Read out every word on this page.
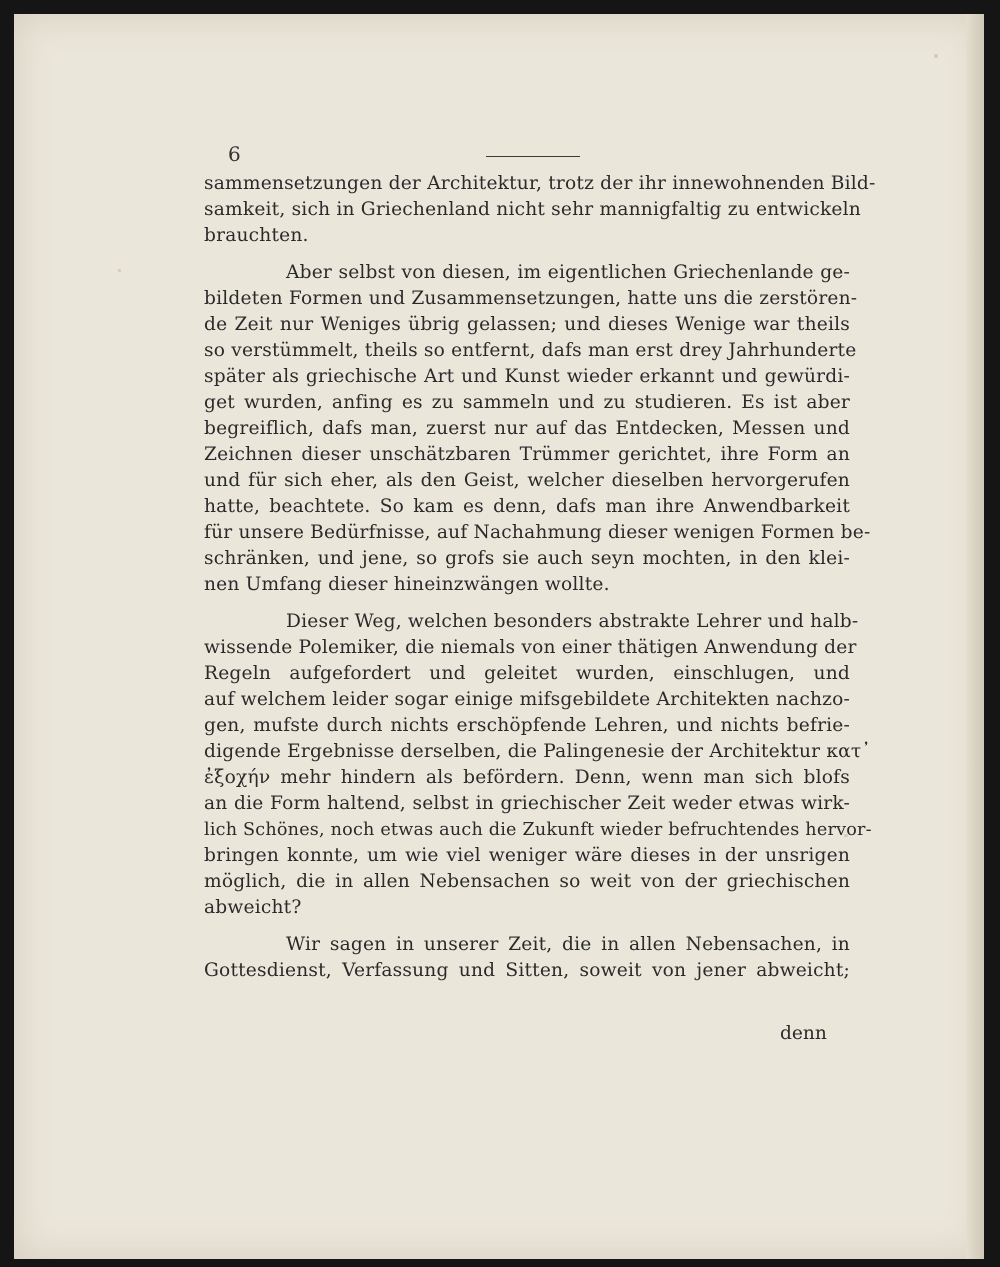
6
sammensetzungen der Architektur, trotz der ihr innewohnenden Bild-
samkeit, sich in Griechenland nicht sehr mannigfaltig zu entwickeln
brauchten.
Aber selbst von diesen, im eigentlichen Griechenlande ge-
bildeten Formen und Zusammensetzungen, hatte uns die zerstören-
de Zeit nur Weniges übrig gelassen; und dieses Wenige war theils
so verstümmelt, theils so entfernt, dafs man erst drey Jahrhunderte
später als griechische Art und Kunst wieder erkannt und gewürdi-
get wurden, anfing es zu sammeln und zu studieren. Es ist aber
begreiflich, dafs man, zuerst nur auf das Entdecken, Messen und
Zeichnen dieser unschätzbaren Trümmer gerichtet, ihre Form an
und für sich eher, als den Geist, welcher dieselben hervorgerufen
hatte, beachtete. So kam es denn, dafs man ihre Anwendbarkeit
für unsere Bedürfnisse, auf Nachahmung dieser wenigen Formen be-
schränken, und jene, so grofs sie auch seyn mochten, in den klei-
nen Umfang dieser hineinzwängen wollte.
Dieser Weg, welchen besonders abstrakte Lehrer und halb-
wissende Polemiker, die niemals von einer thätigen Anwendung der
Regeln aufgefordert und geleitet wurden, einschlugen, und
auf welchem leider sogar einige mifsgebildete Architekten nachzo-
gen, mufste durch nichts erschöpfende Lehren, und nichts befrie-
digende Ergebnisse derselben, die Palingenesie der Architektur κατ᾽
ἐξοχήν mehr hindern als befördern. Denn, wenn man sich blofs
an die Form haltend, selbst in griechischer Zeit weder etwas wirk-
lich Schönes, noch etwas auch die Zukunft wieder befruchtendes hervor-
bringen konnte, um wie viel weniger wäre dieses in der unsrigen
möglich, die in allen Nebensachen so weit von der griechischen
abweicht?
Wir sagen in unserer Zeit, die in allen Nebensachen, in
Gottesdienst, Verfassung und Sitten, soweit von jener abweicht;
denn
